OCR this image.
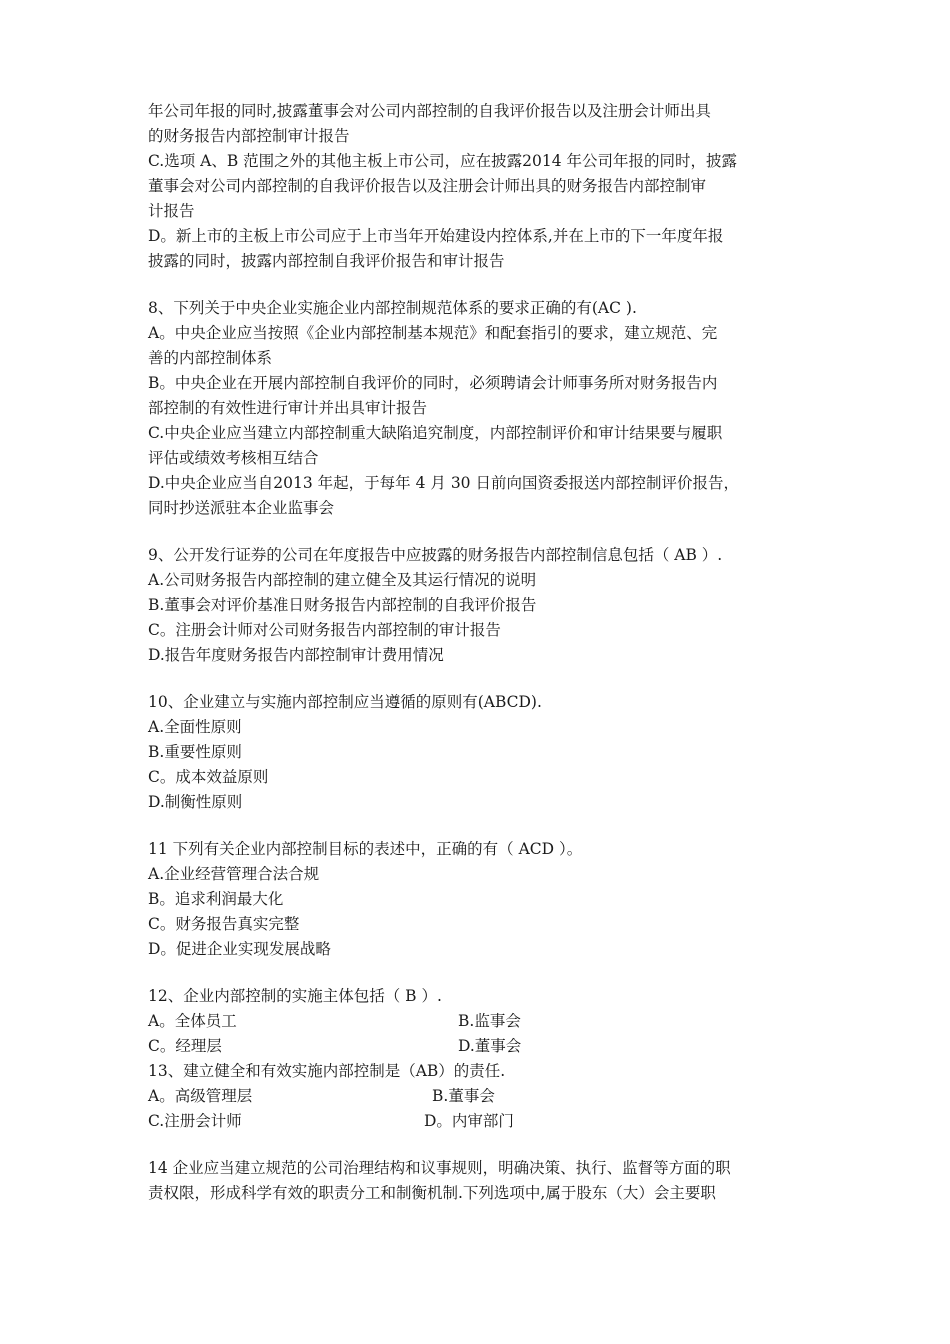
年公司年报的同时,披露董事会对公司内部控制的自我评价报告以及注册会计师出具
的财务报告内部控制审计报告
C.选项 A、B 范围之外的其他主板上市公司，应在披露2014 年公司年报的同时，披露
董事会对公司内部控制的自我评价报告以及注册会计师出具的财务报告内部控制审
计报告
D。新上市的主板上市公司应于上市当年开始建设内控体系,并在上市的下一年度年报
披露的同时，披露内部控制自我评价报告和审计报告
8、下列关于中央企业实施企业内部控制规范体系的要求正确的有(AC ).
A。中央企业应当按照《企业内部控制基本规范》和配套指引的要求，建立规范、完
善的内部控制体系
B。中央企业在开展内部控制自我评价的同时，必须聘请会计师事务所对财务报告内
部控制的有效性进行审计并出具审计报告
C.中央企业应当建立内部控制重大缺陷追究制度，内部控制评价和审计结果要与履职
评估或绩效考核相互结合
D.中央企业应当自2013 年起，于每年 4 月 30 日前向国资委报送内部控制评价报告，
同时抄送派驻本企业监事会
9、公开发行证券的公司在年度报告中应披露的财务报告内部控制信息包括（ AB ）.
A.公司财务报告内部控制的建立健全及其运行情况的说明
B.董事会对评价基准日财务报告内部控制的自我评价报告
C。注册会计师对公司财务报告内部控制的审计报告
D.报告年度财务报告内部控制审计费用情况
10、企业建立与实施内部控制应当遵循的原则有(ABCD).
A.全面性原则
B.重要性原则
C。成本效益原则
D.制衡性原则
11 下列有关企业内部控制目标的表述中，正确的有（ ACD ）。
A.企业经营管理合法合规
B。追求利润最大化
C。财务报告真实完整
D。促进企业实现发展战略
12、企业内部控制的实施主体包括（ B ）.
A。全体员工	B.监事会
C。经理层	D.董事会
13、建立健全和有效实施内部控制是（AB）的责任.
A。高级管理层	B.董事会
C.注册会计师	D。内审部门
14 企业应当建立规范的公司治理结构和议事规则，明确决策、执行、监督等方面的职
责权限，形成科学有效的职责分工和制衡机制.下列选项中,属于股东（大）会主要职
